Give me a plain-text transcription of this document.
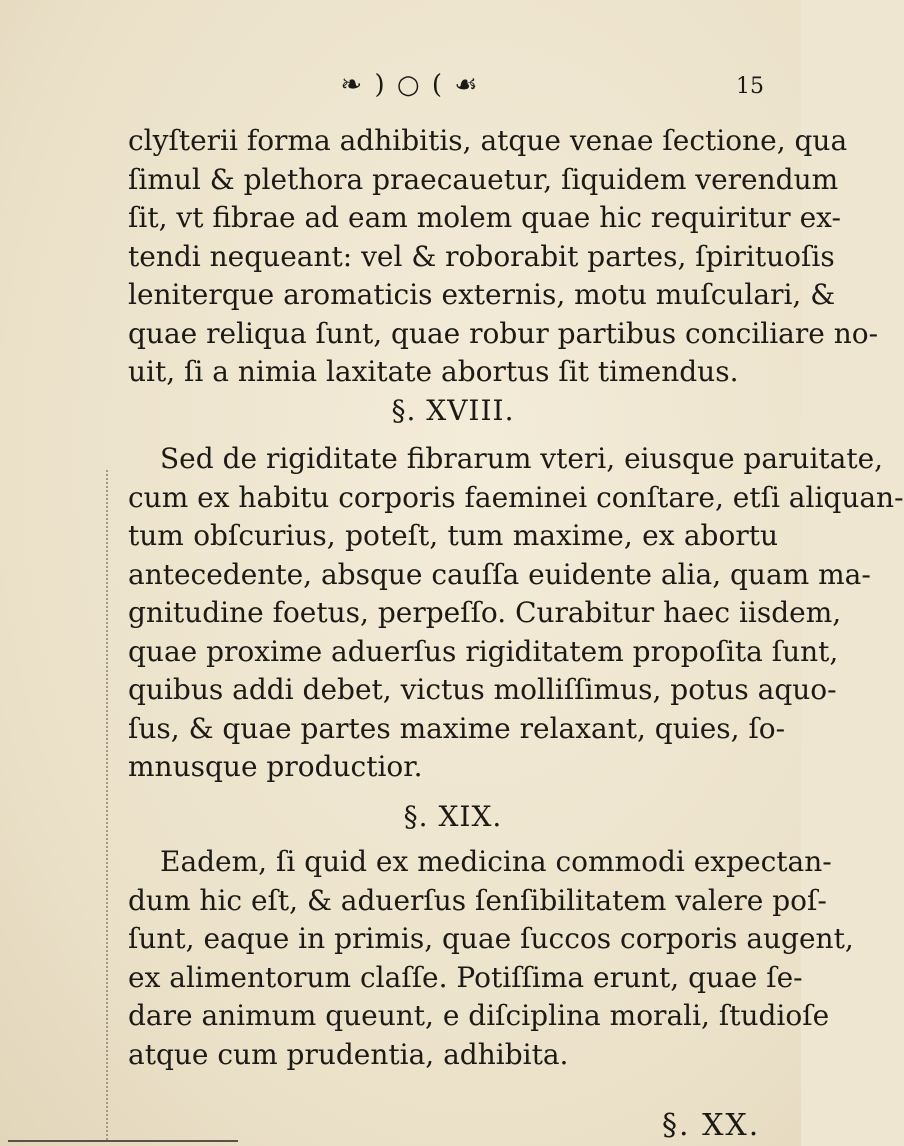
❧ ) ○ ( ☙	15
clyſterii forma adhibitis, atque venae ſectione, qua
ſimul & plethora praecauetur, ſiquidem verendum
ſit, vt fibrae ad eam molem quae hic requiritur ex-
tendi nequeant: vel & roborabit partes, ſpirituoſis
leniterque aromaticis externis, motu muſculari, &
quae reliqua ſunt, quae robur partibus conciliare no-
uit, ſi a nimia laxitate abortus ſit timendus.
§. XVIII.
Sed de rigiditate fibrarum vteri, eiusque paruitate,
cum ex habitu corporis faeminei conſtare, etſi aliquan-
tum obſcurius, poteſt, tum maxime, ex abortu
antecedente, absque cauſſa euidente alia, quam ma-
gnitudine foetus, perpeſſo. Curabitur haec iisdem,
quae proxime aduerſus rigiditatem propoſita ſunt,
quibus addi debet, victus molliſſimus, potus aquo-
ſus, & quae partes maxime relaxant, quies, ſo-
mnusque productior.
§. XIX.
Eadem, ſi quid ex medicina commodi expectan-
dum hic eſt, & aduerſus ſenſibilitatem valere poſ-
ſunt, eaque in primis, quae ſuccos corporis augent,
ex alimentorum claſſe. Potiſſima erunt, quae ſe-
dare animum queunt, e diſciplina morali, ſtudioſe
atque cum prudentia, adhibita.
§. XX.
